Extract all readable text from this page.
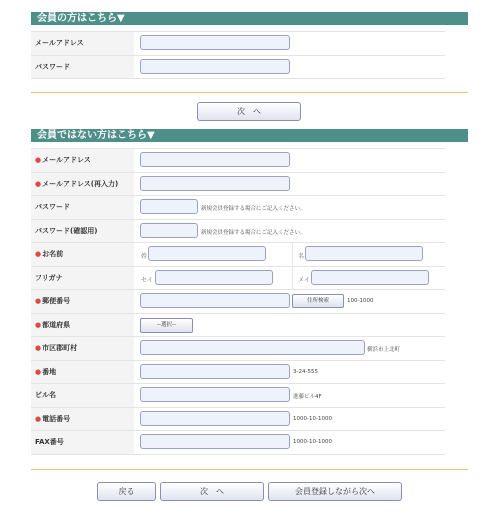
会員の方はこちら▼
メールアドレス
パスワード
次　へ
会員ではない方はこちら▼
●メールアドレス
●メールアドレス(再入力)
パスワード	新規会員登録する場合にご記入ください。
パスワード(確認用)	新規会員登録する場合にご記入ください。
●お名前	姓	名
フリガナ	セイ	メイ
●郵便番号	住所検索	100-1000
●都道府県	--選択--
●市区郡町村	横浜市上北町
●番地	3-24-555
ビル名	進藤ビル4F
●電話番号	1000-10-1000
FAX番号	1000-10-1000
戻る	次　へ	会員登録しながら次へ
